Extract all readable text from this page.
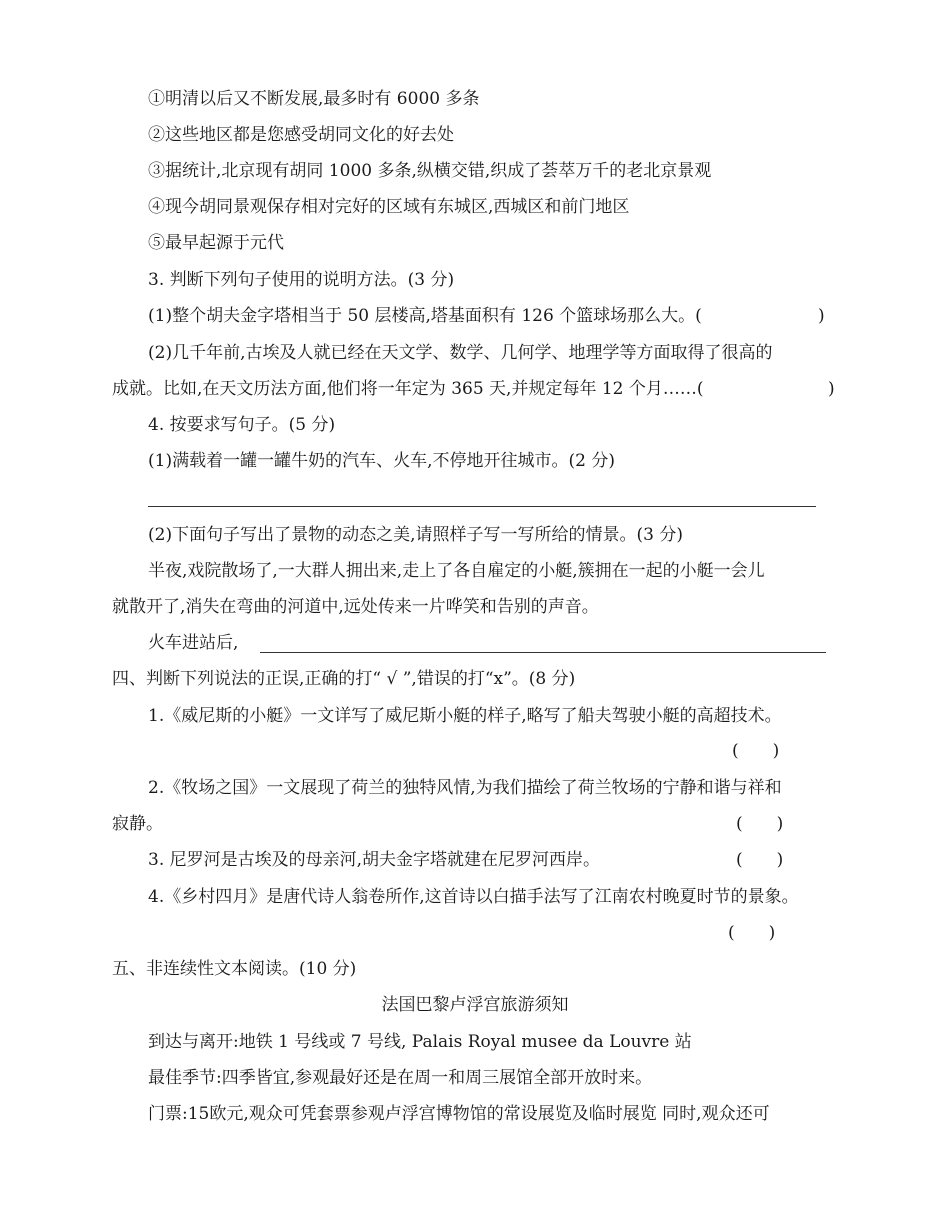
①明清以后又不断发展,最多时有 6000 多条
②这些地区都是您感受胡同文化的好去处
③据统计,北京现有胡同 1000 多条,纵横交错,织成了荟萃万千的老北京景观
④现今胡同景观保存相对完好的区域有东城区,西城区和前门地区
⑤最早起源于元代
3. 判断下列句子使用的说明方法。(3 分)
(1)整个胡夫金字塔相当于 50 层楼高,塔基面积有 126 个篮球场那么大。(	)
(2)几千年前,古埃及人就已经在天文学、数学、几何学、地理学等方面取得了很高的
成就。比如,在天文历法方面,他们将一年定为 365 天,并规定每年 12 个月……(	)
4. 按要求写句子。(5 分)
(1)满载着一罐一罐牛奶的汽车、火车,不停地开往城市。(2 分)
(2)下面句子写出了景物的动态之美,请照样子写一写所给的情景。(3 分)
半夜,戏院散场了,一大群人拥出来,走上了各自雇定的小艇,簇拥在一起的小艇一会儿
就散开了,消失在弯曲的河道中,远处传来一片哗笑和告别的声音。
火车进站后,
四、判断下列说法的正误,正确的打“ √ ”,错误的打“x”。(8 分)
1.《威尼斯的小艇》一文详写了威尼斯小艇的样子,略写了船夫驾驶小艇的高超技术。
(　　)
2.《牧场之国》一文展现了荷兰的独特风情,为我们描绘了荷兰牧场的宁静和谐与祥和
寂静。	(　　)
3. 尼罗河是古埃及的母亲河,胡夫金字塔就建在尼罗河西岸。	(　　)
4.《乡村四月》是唐代诗人翁卷所作,这首诗以白描手法写了江南农村晚夏时节的景象。
(　　)
五、非连续性文本阅读。(10 分)
法国巴黎卢浮宫旅游须知
到达与离开:地铁 1 号线或 7 号线, Palais Royal musee da Louvre 站
最佳季节:四季皆宜,参观最好还是在周一和周三展馆全部开放时来。
门票:15欧元,观众可凭套票参观卢浮宫博物馆的常设展览及临时展览 同时,观众还可
